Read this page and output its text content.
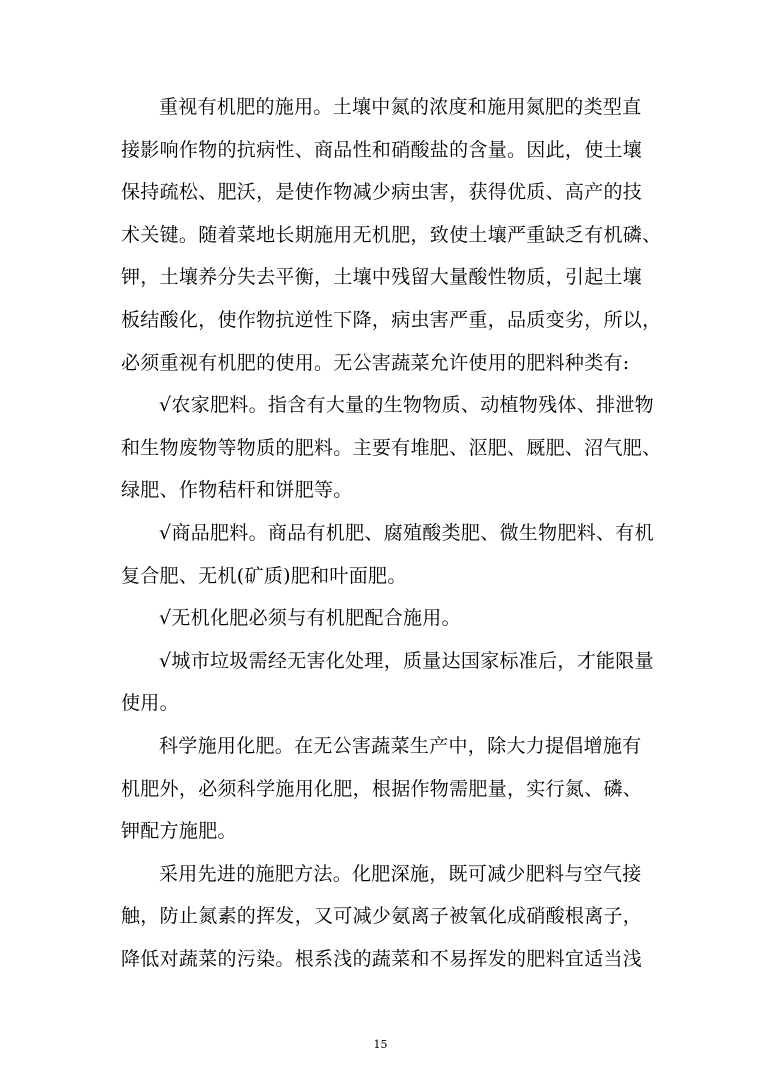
重视有机肥的施用。土壤中氮的浓度和施用氮肥的类型直
接影响作物的抗病性、商品性和硝酸盐的含量。因此，使土壤
保持疏松、肥沃，是使作物减少病虫害，获得优质、高产的技
术关键。随着菜地长期施用无机肥，致使土壤严重缺乏有机磷、
钾，土壤养分失去平衡，土壤中残留大量酸性物质，引起土壤
板结酸化，使作物抗逆性下降，病虫害严重，品质变劣，所以，
必须重视有机肥的使用。无公害蔬菜允许使用的肥料种类有:
√农家肥料。指含有大量的生物物质、动植物残体、排泄物
和生物废物等物质的肥料。主要有堆肥、沤肥、厩肥、沼气肥、
绿肥、作物秸杆和饼肥等。
√商品肥料。商品有机肥、腐殖酸类肥、微生物肥料、有机
复合肥、无机(矿质)肥和叶面肥。
√无机化肥必须与有机肥配合施用。
√城市垃圾需经无害化处理，质量达国家标准后，才能限量
使用。
科学施用化肥。在无公害蔬菜生产中，除大力提倡增施有
机肥外，必须科学施用化肥，根据作物需肥量，实行氮、磷、
钾配方施肥。
采用先进的施肥方法。化肥深施，既可减少肥料与空气接
触，防止氮素的挥发，又可减少氨离子被氧化成硝酸根离子，
降低对蔬菜的污染。根系浅的蔬菜和不易挥发的肥料宜适当浅
15
